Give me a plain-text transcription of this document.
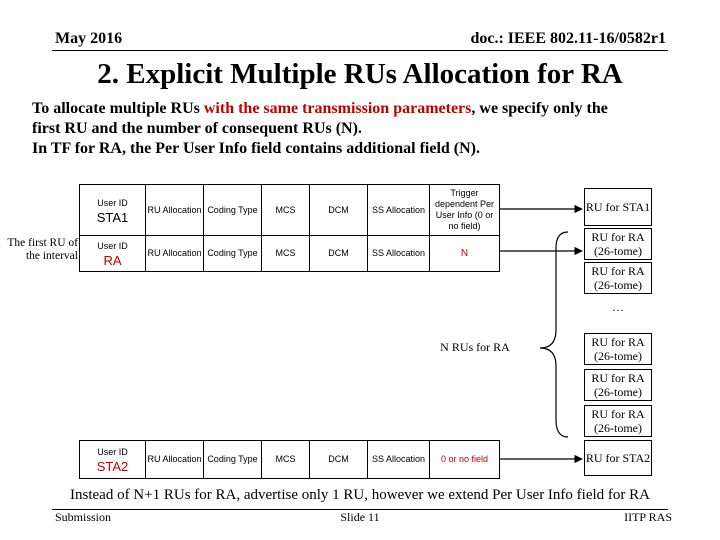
May 2016	doc.: IEEE 802.11-16/0582r1
2. Explicit Multiple RUs Allocation for RA
To allocate multiple RUs with the same transmission parameters, we specify only the
first RU and the number of consequent RUs (N).
In TF for RA, the Per User Info field contains additional field (N).
User ID
STA1	RU Allocation	Coding Type	MCS	DCM	SS Allocation	Trigger dependent Per User Info (0 or no field)
User ID
RA	RU Allocation	Coding Type	MCS	DCM	SS Allocation	N
The first RU of the interval
User ID
STA2	RU Allocation	Coding Type	MCS	DCM	SS Allocation	0 or no field
RU for STA1
RU for RA (26-tome)
RU for RA (26-tome)
…
RU for RA (26-tome)
RU for RA (26-tome)
RU for RA (26-tome)
RU for STA2
N RUs for RA
Instead of N+1 RUs for RA, advertise only 1 RU, however we extend Per User Info field for RA
Submission	Slide 11	IITP RAS
